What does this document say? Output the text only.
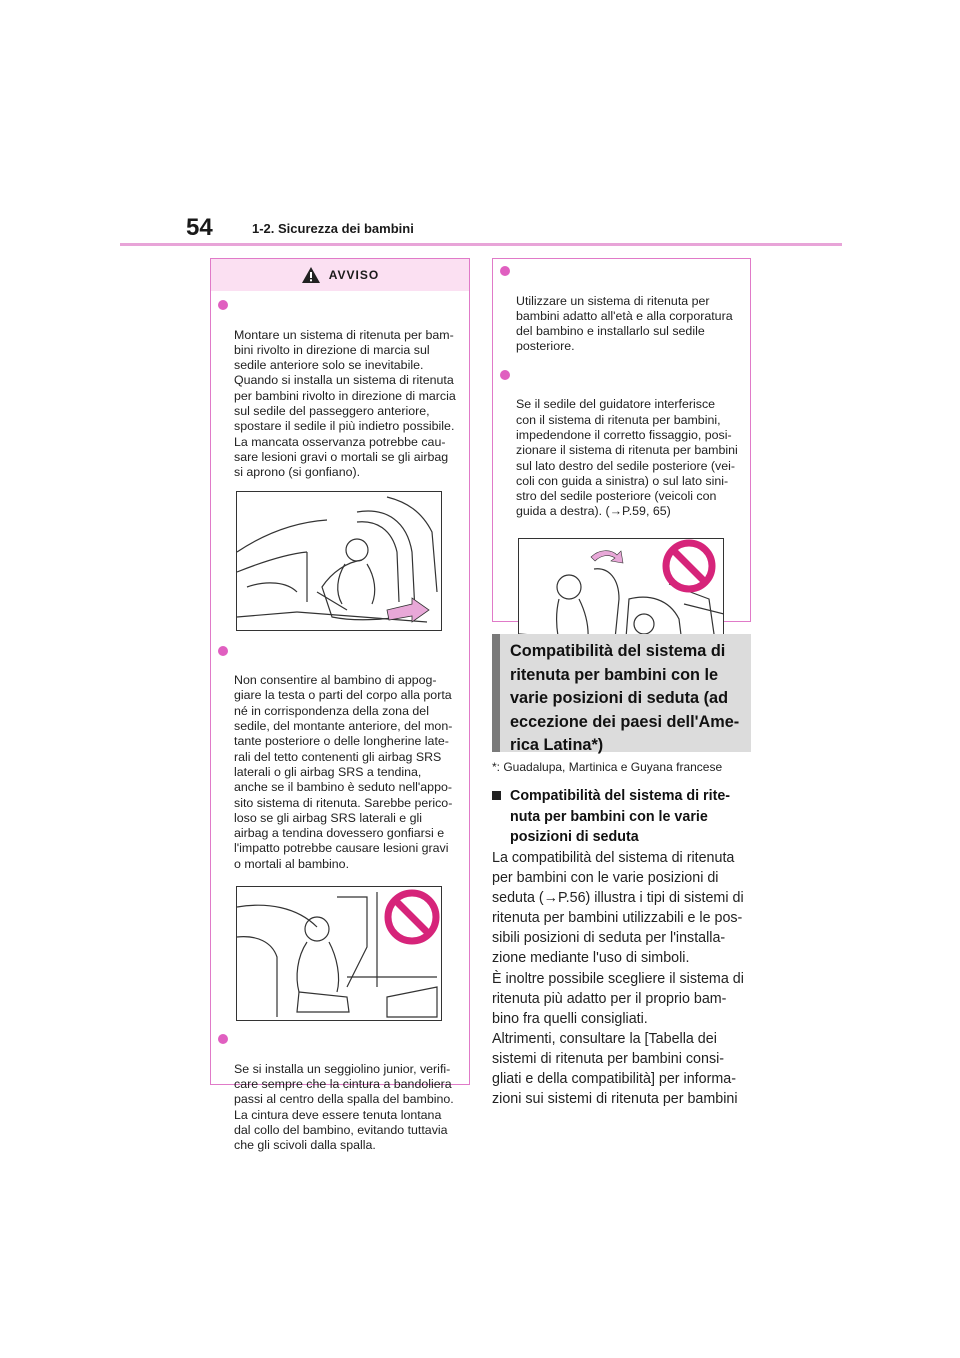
54	1-2. Sicurezza dei bambini
AVVISO

Montare un sistema di ritenuta per bam-
bini rivolto in direzione di marcia sul
sedile anteriore solo se inevitabile.
Quando si installa un sistema di ritenuta
per bambini rivolto in direzione di marcia
sul sedile del passeggero anteriore,
spostare il sedile il più indietro possibile.
La mancata osservanza potrebbe cau-
sare lesioni gravi o mortali se gli airbag
si aprono (si gonfiano).

Non consentire al bambino di appog-
giare la testa o parti del corpo alla porta
né in corrispondenza della zona del
sedile, del montante anteriore, del mon-
tante posteriore o delle longherine late-
rali del tetto contenenti gli airbag SRS
laterali o gli airbag SRS a tendina,
anche se il bambino è seduto nell'appo-
sito sistema di ritenuta. Sarebbe perico-
loso se gli airbag SRS laterali e gli
airbag a tendina dovessero gonfiarsi e
l'impatto potrebbe causare lesioni gravi
o mortali al bambino.

Se si installa un seggiolino junior, verifi-
care sempre che la cintura a bandoliera
passi al centro della spalla del bambino.
La cintura deve essere tenuta lontana
dal collo del bambino, evitando tuttavia
che gli scivoli dalla spalla.

Utilizzare un sistema di ritenuta per
bambini adatto all'età e alla corporatura
del bambino e installarlo sul sedile
posteriore.

Se il sedile del guidatore interferisce
con il sistema di ritenuta per bambini,
impedendone il corretto fissaggio, posi-
zionare il sistema di ritenuta per bambini
sul lato destro del sedile posteriore (vei-
coli con guida a sinistra) o sul lato sini-
stro del sedile posteriore (veicoli con
guida a destra). (→P.59, 65)

Compatibilità del sistema di
ritenuta per bambini con le
varie posizioni di seduta (ad
eccezione dei paesi dell'Ame-
rica Latina*)
*: Guadalupa, Martinica e Guyana francese
Compatibilità del sistema di rite-
nuta per bambini con le varie
posizioni di seduta
La compatibilità del sistema di ritenuta
per bambini con le varie posizioni di
seduta (→P.56) illustra i tipi di sistemi di
ritenuta per bambini utilizzabili e le pos-
sibili posizioni di seduta per l'installa-
zione mediante l'uso di simboli.
È inoltre possibile scegliere il sistema di
ritenuta più adatto per il proprio bam-
bino fra quelli consigliati.
Altrimenti, consultare la [Tabella dei
sistemi di ritenuta per bambini consi-
gliati e della compatibilità] per informa-
zioni sui sistemi di ritenuta per bambini
